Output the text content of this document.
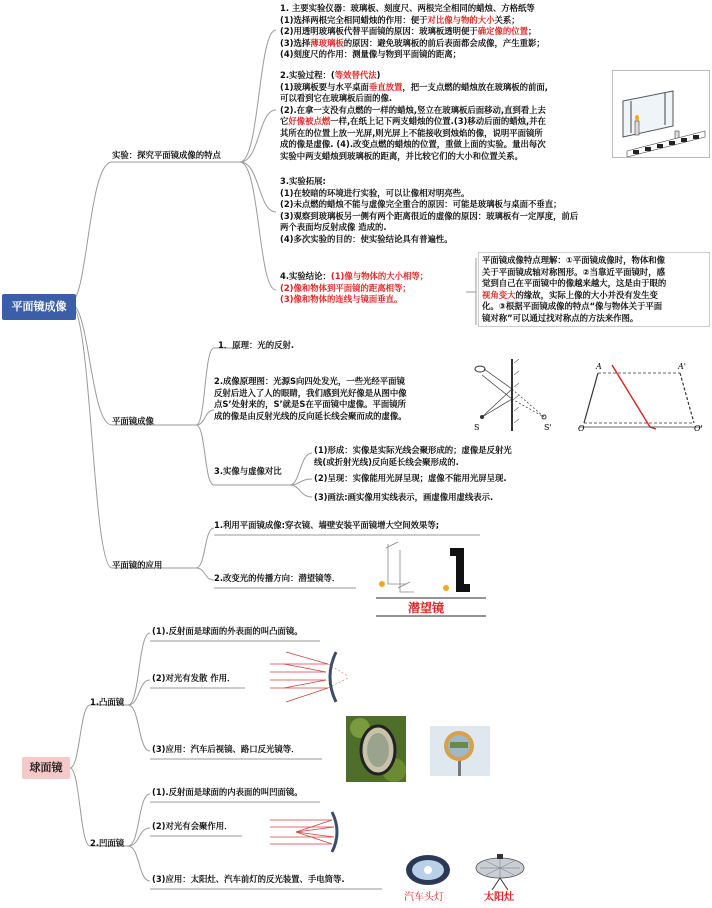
平面镜成像
球面镜
实验：探究平面镜成像的特点
1. 主要实验仪器：玻璃板、刻度尺、两根完全相同的蜡烛、方格纸等
(1)选择两根完全相同蜡烛的作用：便于对比像与物的大小关系；
(2)用透明玻璃板代替平面镜的原因：玻璃板透明便于确定像的位置；
(3)选择薄玻璃板的原因：避免玻璃板的前后表面都会成像，产生重影；
(4)刻度尺的作用：测量像与物到平面镜的距离；
2.实验过程：(等效替代法)
(1)玻璃板要与水平桌面垂直放置，把一支点燃的蜡烛放在玻璃板的前面,
可以看到它在玻璃板后面的像.
(2).在拿一支没有点燃的一样的蜡烛,竖立在玻璃板后面移动,直到看上去
它好像被点燃一样,在纸上记下两支蜡烛的位置.(3)移动后面的蜡烛,并在
其所在的位置上放一光屏,则光屏上不能接收到烛焰的像，说明平面镜所
成的像是虚像. (4).改变点燃的蜡烛的位置，重做上面的实验。量出每次
实验中两支蜡烛到玻璃板的距离，并比较它们的大小和位置关系。
3.实验拓展:
(1)在较暗的环境进行实验，可以让像相对明亮些。
(2)未点燃的蜡烛不能与虚像完全重合的原因：可能是玻璃板与桌面不垂直；
(3)观察到玻璃板另一侧有两个距离很近的虚像的原因：玻璃板有一定厚度，前后
两个表面均反射成像 造成的.
(4)多次实验的目的：使实验结论具有普遍性。
4.实验结论：(1)像与物体的大小相等；
(2)像和物体到平面镜的距离相等；
(3)像和物体的连线与镜面垂直。
平面镜成像特点理解：①平面镜成像时，物体和像
关于平面镜成轴对称图形。②当靠近平面镜时，感
觉到自己在平面镜中的像越来越大，这是由于眼的
视角变大的缘故，实际上像的大小并没有发生变
化。③根据平面镜成像的特点“像与物体关于平面
镜对称”可以通过找对称点的方法来作图。
平面镜成像
1．原理：光的反射.
2.成像原理图：光源S向四处发光，一些光经平面镜
反射后进入了人的眼睛，我们感到光好像是从图中像
点S’处射来的，S’就是S在平面镜中虚像。平面镜所
成的像是由反射光线的反向延长线会聚而成的虚像。
S	S'
A	A'
O	O'
3.实像与虚像对比
(1)形成：实像是实际光线会聚形成的；虚像是反射光
线(或折射光线)反向延长线会聚形成的.
(2)呈现：实像能用光屏呈现；虚像不能用光屏呈现.
(3)画法:画实像用实线表示，画虚像用虚线表示.
平面镜的应用
1.利用平面镜成像:穿衣镜、墙壁安装平面镜增大空间效果等;
2.改变光的传播方向：潜望镜等．
潜望镜
1.凸面镜
(1).反射面是球面的外表面的叫凸面镜。
(2)对光有发散 作用．
(3)应用：汽车后视镜、路口反光镜等．
2.凹面镜
(1).反射面是球面的内表面的叫凹面镜。
(2)对光有会聚作用．
(3)应用：太阳灶、汽车前灯的反光装置、手电筒等.
汽车头灯	太阳灶
